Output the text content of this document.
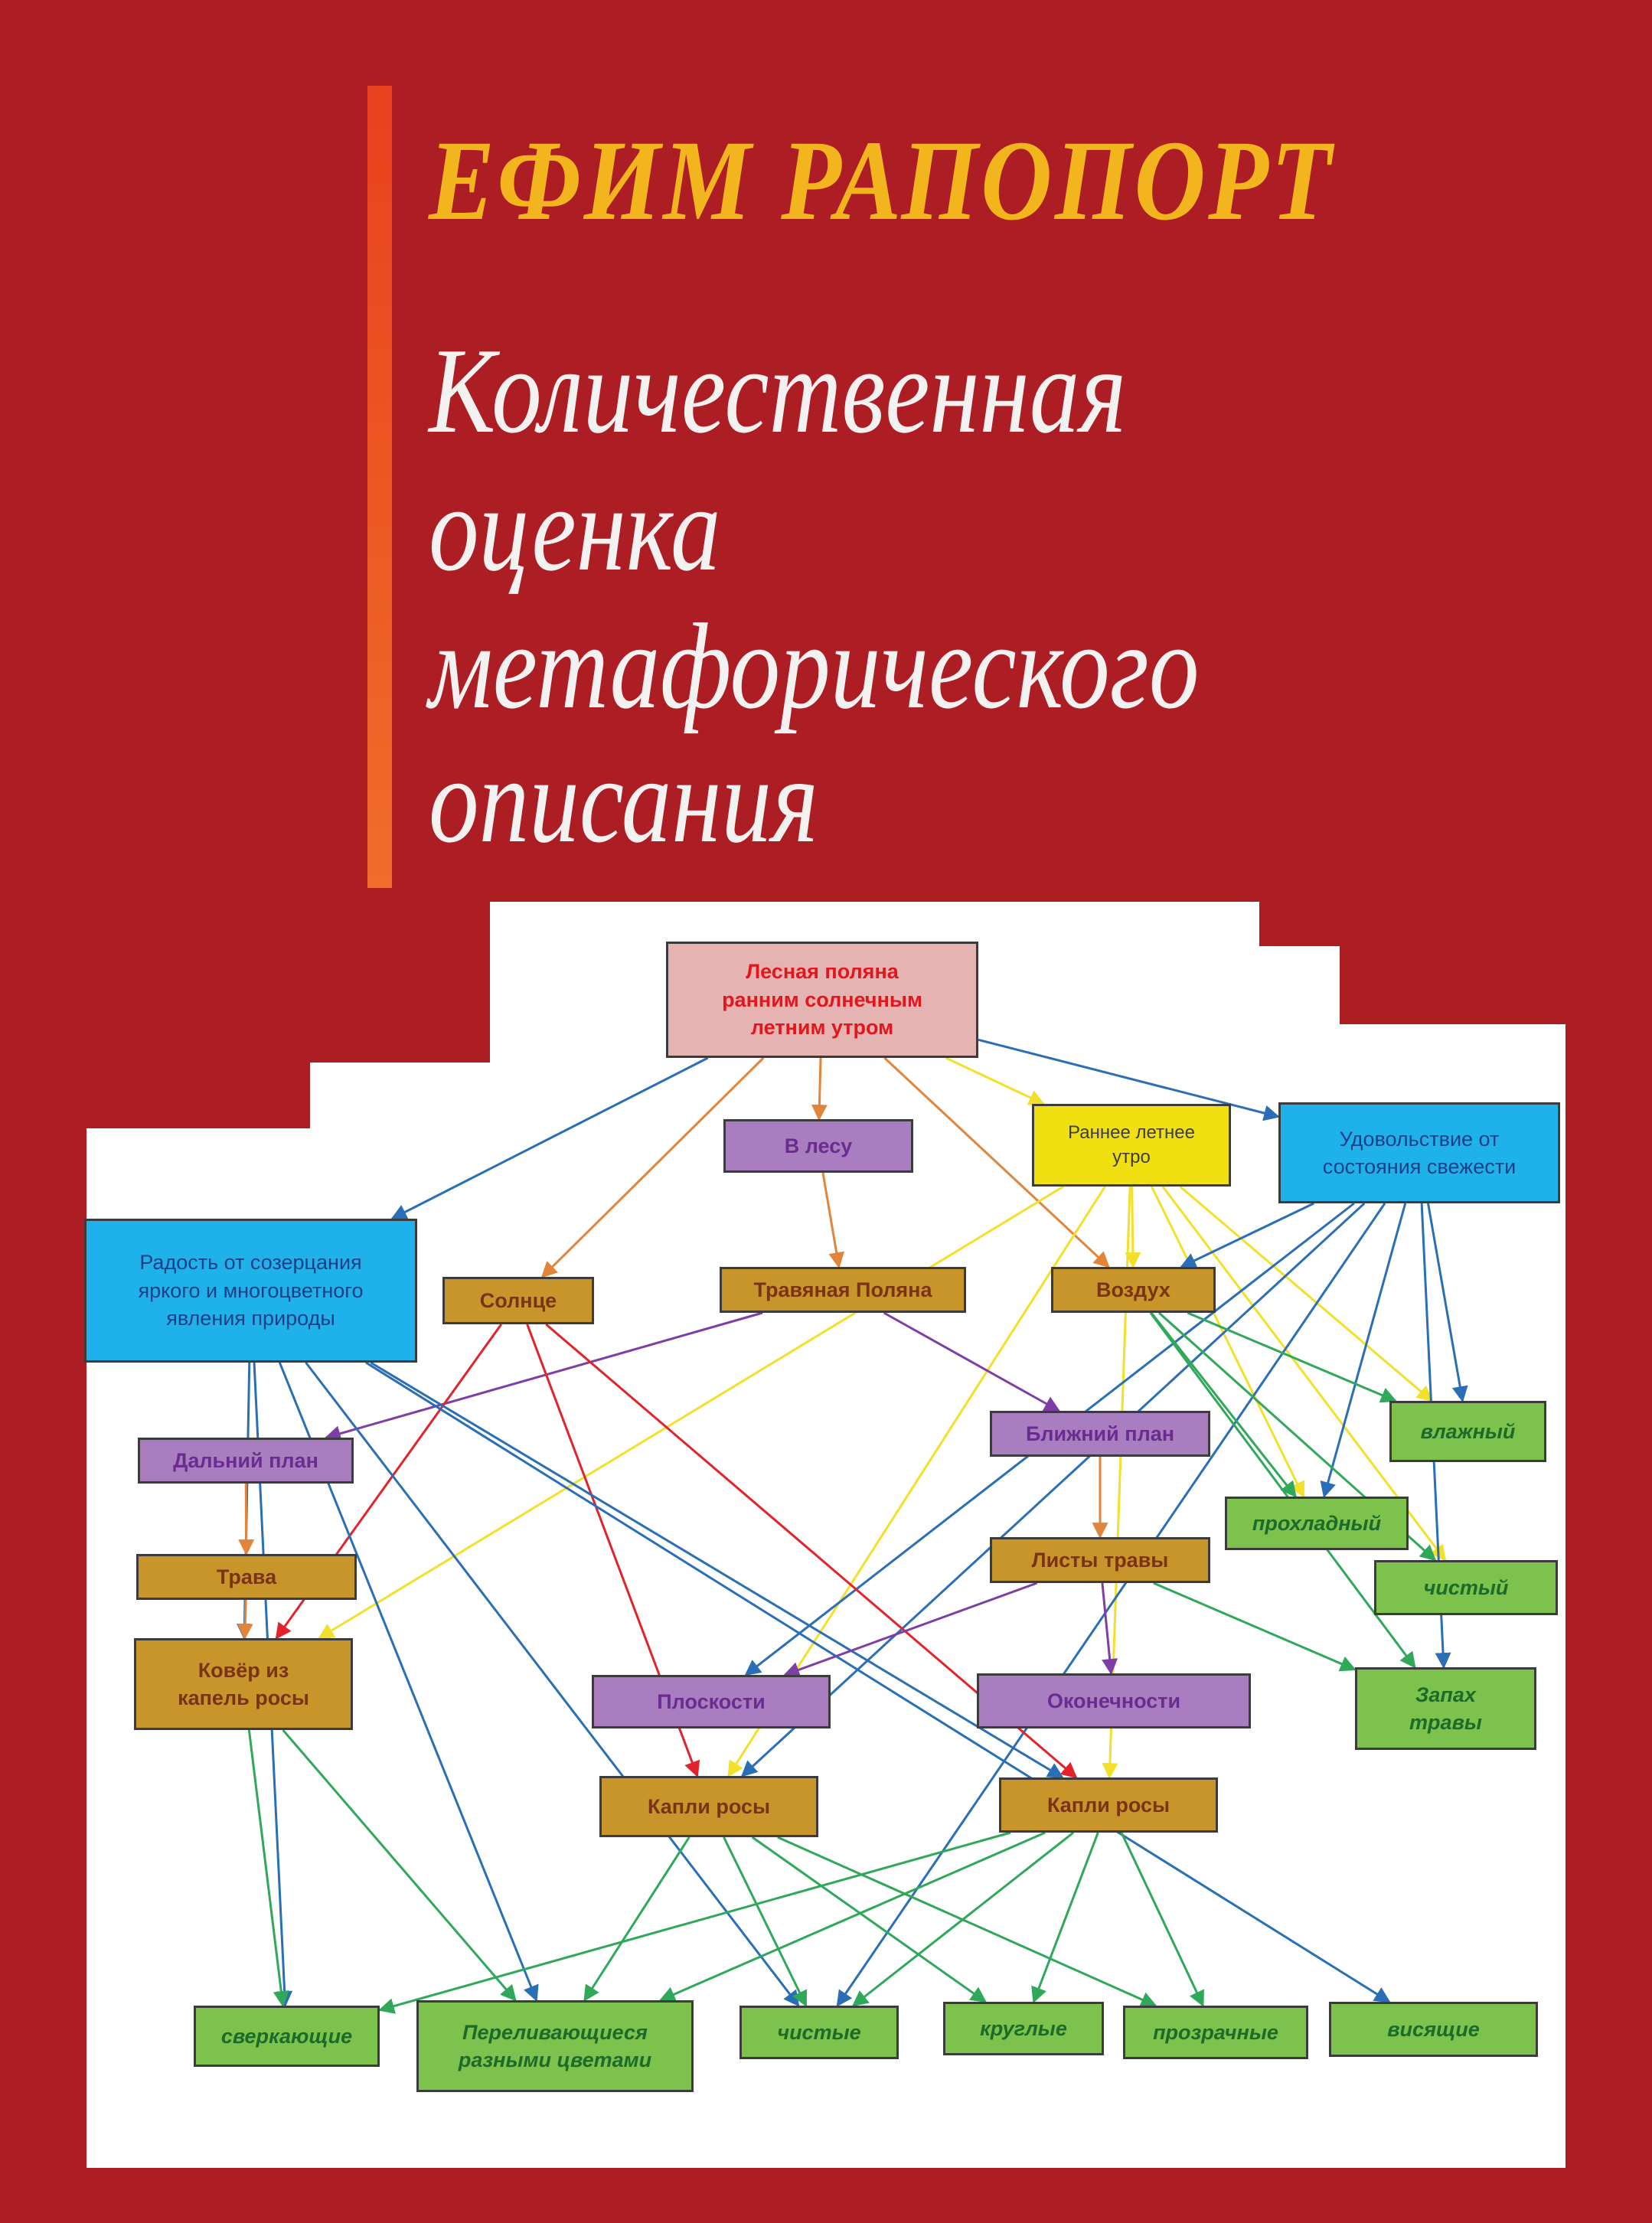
ЕФИМ РАПОПОРТ
Количественная
оценка
метафорического
описания
Лесная поляна
ранним солнечным
летним утром
В лесу
Раннее летнее
утро
Удовольствие от
состояния свежести
Радость от созерцания
яркого и многоцветного
явления природы
Солнце	Травяная Поляна	Воздух
влажный
Дальний план
Ближний план
прохладный
Трава
Листы травы
чистый
Ковёр из
капель росы	Плоскости	Оконечности	Запах
травы
Капли росы	Капли росы
сверкающие	Переливающиеся
разными цветами
чистые	круглые	прозрачные	висящие
